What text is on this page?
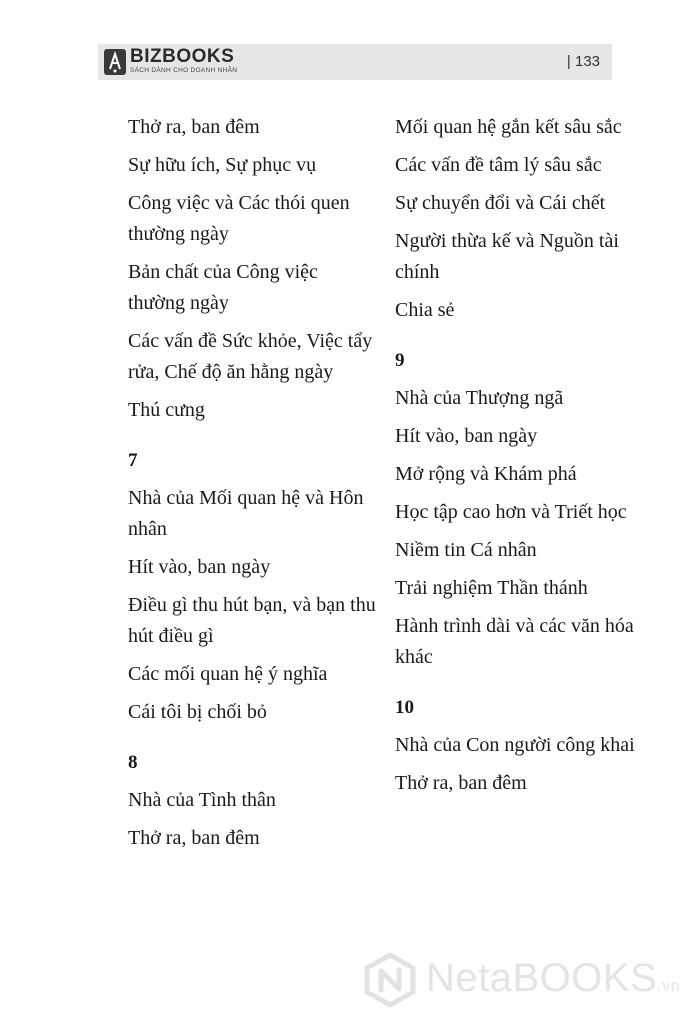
BIZBOOKS
SÁCH DÀNH CHO DOANH NHÂN
| 133
Thở ra, ban đêm
Sự hữu ích, Sự phục vụ
Công việc và Các thói quen thường ngày
Bản chất của Công việc thường ngày
Các vấn đề Sức khỏe, Việc tẩy rửa, Chế độ ăn hằng ngày
Thú cưng
7
Nhà của Mối quan hệ và Hôn nhân
Hít vào, ban ngày
Điều gì thu hút bạn, và bạn thu hút điều gì
Các mối quan hệ ý nghĩa
Cái tôi bị chối bỏ
8
Nhà của Tình thân
Thở ra, ban đêm
Mối quan hệ gắn kết sâu sắc
Các vấn đề tâm lý sâu sắc
Sự chuyển đổi và Cái chết
Người thừa kế và Nguồn tài chính
Chia sẻ
9
Nhà của Thượng ngã
Hít vào, ban ngày
Mở rộng và Khám phá
Học tập cao hơn và Triết học
Niềm tin Cá nhân
Trải nghiệm Thần thánh
Hành trình dài và các văn hóa khác
10
Nhà của Con người công khai
Thở ra, ban đêm
NetaBOOKS.vn
